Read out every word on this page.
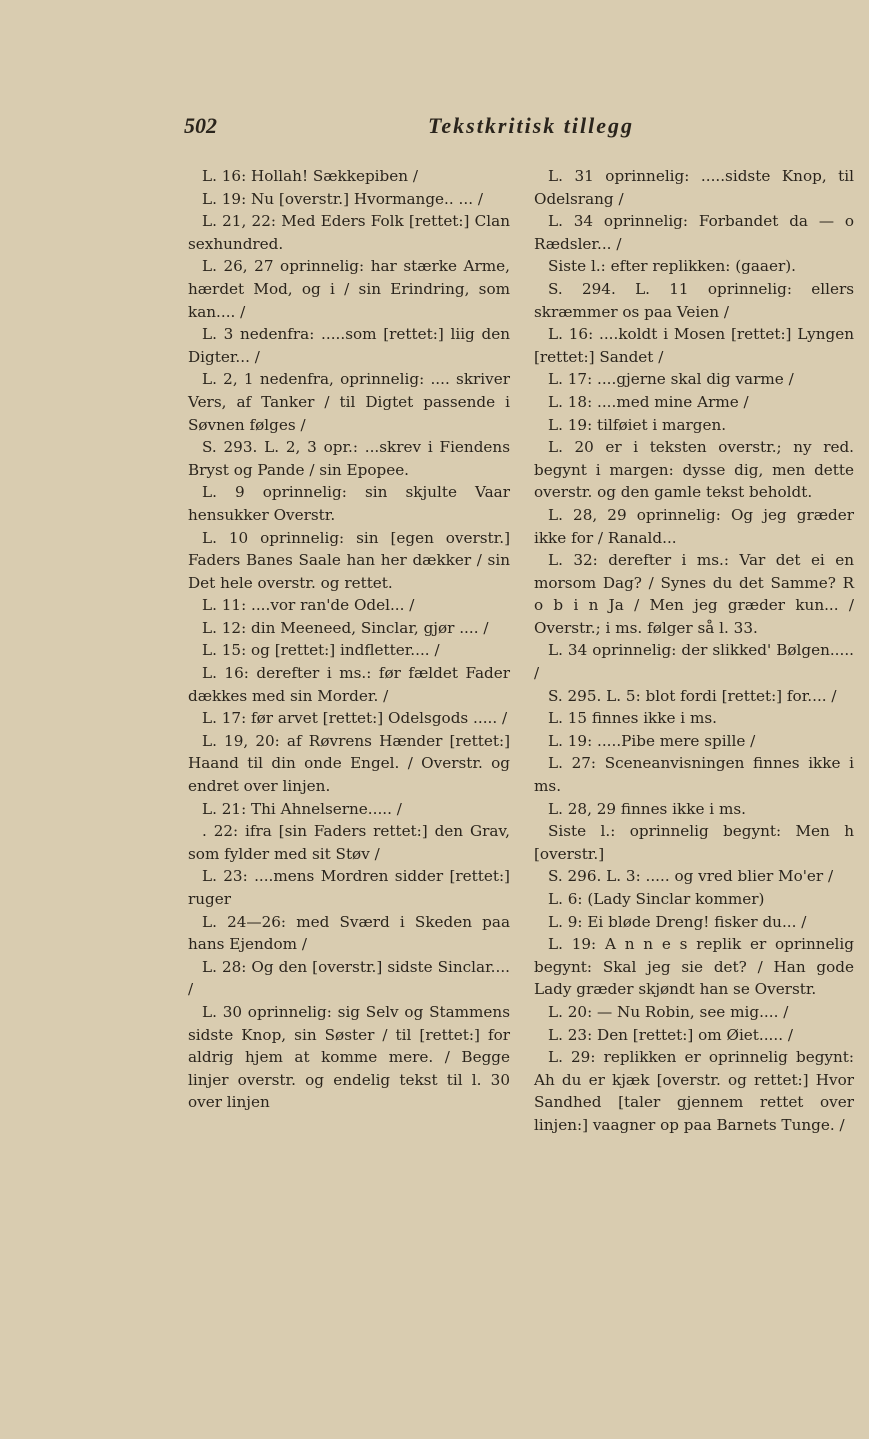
502	Tekstkritisk tillegg

L. 16: Hollah! Sækkepiben /

L. 19: Nu [overstr.] Hvormange.. ... /

L. 21, 22: Med Eders Folk [rettet:] Clan sexhundred.

L. 26, 27 oprinnelig: har stærke Arme, hærdet Mod, og i / sin Erindring, som kan.... /

L. 3 nedenfra: .....som [rettet:] liig den Digter... /

L. 2, 1 nedenfra, oprinnelig: .... skriver Vers, af Tanker / til Digtet passende i Søvnen følges /

S. 293. L. 2, 3 opr.: ...skrev i Fiendens Bryst og Pande / sin Epopee.

L. 9 oprinnelig: sin skjulte Vaar hensukker Overstr.

L. 10 oprinnelig: sin [egen overstr.] Faders Banes Saale han her dækker / sin Det hele overstr. og rettet.

L. 11: ....vor ran'de Odel... /

L. 12: din Meeneed, Sinclar, gjør .... /

L. 15: og [rettet:] indfletter.... /

L. 16: derefter i ms.: før fældet Fader dækkes med sin Morder. /

L. 17: før arvet [rettet:] Odelsgods ..... /

L. 19, 20: af Røvrens Hænder [rettet:] Haand til din onde Engel. / Overstr. og endret over linjen.

L. 21: Thi Ahnelserne..... /

. 22: ifra [sin Faders rettet:] den Grav, som fylder med sit Støv /

L. 23: ....mens Mordren sidder [rettet:] ruger

L. 24—26: med Sværd i Skeden paa hans Ejendom /

L. 28: Og den [overstr.] sidste Sinclar.... /

L. 30 oprinnelig: sig Selv og Stammens sidste Knop, sin Søster / til [rettet:] for aldrig hjem at komme mere. / Begge linjer overstr. og endelig tekst til l. 30 over linjen

L. 31 oprinnelig: .....sidste Knop, til Odelsrang /

L. 34 oprinnelig: Forbandet da — o Rædsler... /

Siste l.: efter replikken: (gaaer).

S. 294. L. 11 oprinnelig: ellers skræmmer os paa Veien /

L. 16: ....koldt i Mosen [rettet:] Lyngen [rettet:] Sandet /

L. 17: ....gjerne skal dig varme /

L. 18: ....med mine Arme /

L. 19: tilføiet i margen.

L. 20 er i teksten overstr.; ny red. begynt i margen: dysse dig, men dette overstr. og den gamle tekst beholdt.

L. 28, 29 oprinnelig: Og jeg græder ikke for / Ranald...

L. 32: derefter i ms.: Var det ei en morsom Dag? / Synes du det Samme? R o b i n Ja / Men jeg græder kun... / Overstr.; i ms. følger så l. 33.

L. 34 oprinnelig: der slikked' Bølgen..... /

S. 295. L. 5: blot fordi [rettet:] for.... /

L. 15 finnes ikke i ms.

L. 19: .....Pibe mere spille /

L. 27: Sceneanvisningen finnes ikke i ms.

L. 28, 29 finnes ikke i ms.

Siste l.: oprinnelig begynt: Men h [overstr.]

S. 296. L. 3: ..... og vred blier Mo'er /

L. 6: (Lady Sinclar kommer)

L. 9: Ei bløde Dreng! fisker du... /

L. 19: A n n e s replik er oprinnelig begynt: Skal jeg sie det? / Han gode Lady græder skjøndt han se Overstr.

L. 20: — Nu Robin, see mig.... /

L. 23: Den [rettet:] om Øiet..... /

L. 29: replikken er oprinnelig begynt: Ah du er kjæk [overstr. og rettet:] Hvor Sandhed [taler gjennem rettet over linjen:] vaagner op paa Barnets Tunge. /
